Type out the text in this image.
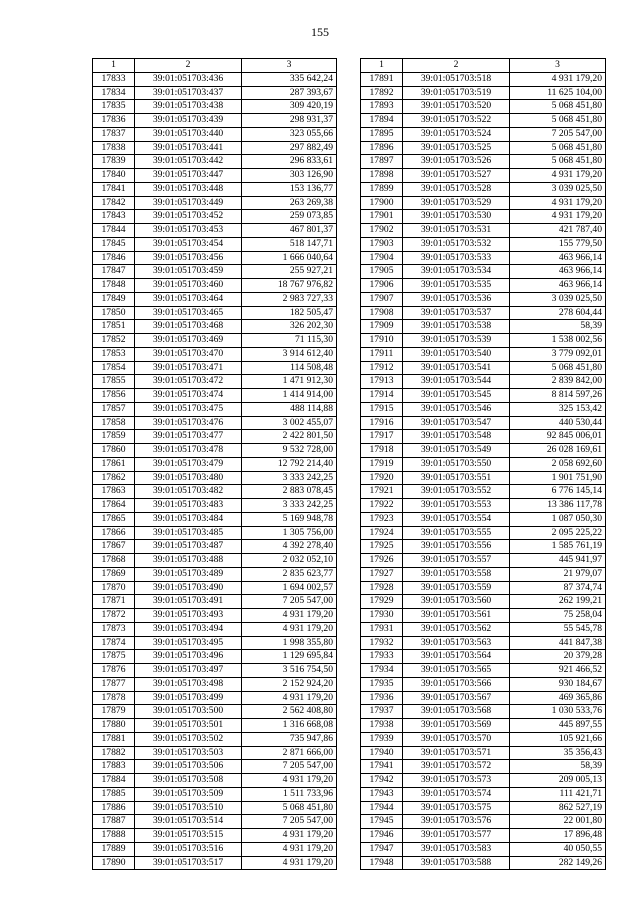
155
1	2	3
17833	39:01:051703:436	335 642,24
17834	39:01:051703:437	287 393,67
17835	39:01:051703:438	309 420,19
17836	39:01:051703:439	298 931,37
17837	39:01:051703:440	323 055,66
17838	39:01:051703:441	297 882,49
17839	39:01:051703:442	296 833,61
17840	39:01:051703:447	303 126,90
17841	39:01:051703:448	153 136,77
17842	39:01:051703:449	263 269,38
17843	39:01:051703:452	259 073,85
17844	39:01:051703:453	467 801,37
17845	39:01:051703:454	518 147,71
17846	39:01:051703:456	1 666 040,64
17847	39:01:051703:459	255 927,21
17848	39:01:051703:460	18 767 976,82
17849	39:01:051703:464	2 983 727,33
17850	39:01:051703:465	182 505,47
17851	39:01:051703:468	326 202,30
17852	39:01:051703:469	71 115,30
17853	39:01:051703:470	3 914 612,40
17854	39:01:051703:471	114 508,48
17855	39:01:051703:472	1 471 912,30
17856	39:01:051703:474	1 414 914,00
17857	39:01:051703:475	488 114,88
17858	39:01:051703:476	3 002 455,07
17859	39:01:051703:477	2 422 801,50
17860	39:01:051703:478	9 532 728,00
17861	39:01:051703:479	12 792 214,40
17862	39:01:051703:480	3 333 242,25
17863	39:01:051703:482	2 883 078,45
17864	39:01:051703:483	3 333 242,25
17865	39:01:051703:484	5 169 948,78
17866	39:01:051703:485	1 305 756,00
17867	39:01:051703:487	4 392 278,40
17868	39:01:051703:488	2 032 052,10
17869	39:01:051703:489	2 835 623,77
17870	39:01:051703:490	1 694 002,57
17871	39:01:051703:491	7 205 547,00
17872	39:01:051703:493	4 931 179,20
17873	39:01:051703:494	4 931 179,20
17874	39:01:051703:495	1 998 355,80
17875	39:01:051703:496	1 129 695,84
17876	39:01:051703:497	3 516 754,50
17877	39:01:051703:498	2 152 924,20
17878	39:01:051703:499	4 931 179,20
17879	39:01:051703:500	2 562 408,80
17880	39:01:051703:501	1 316 668,08
17881	39:01:051703:502	735 947,86
17882	39:01:051703:503	2 871 666,00
17883	39:01:051703:506	7 205 547,00
17884	39:01:051703:508	4 931 179,20
17885	39:01:051703:509	1 511 733,96
17886	39:01:051703:510	5 068 451,80
17887	39:01:051703:514	7 205 547,00
17888	39:01:051703:515	4 931 179,20
17889	39:01:051703:516	4 931 179,20
17890	39:01:051703:517	4 931 179,20
1	2	3
17891	39:01:051703:518	4 931 179,20
17892	39:01:051703:519	11 625 104,00
17893	39:01:051703:520	5 068 451,80
17894	39:01:051703:522	5 068 451,80
17895	39:01:051703:524	7 205 547,00
17896	39:01:051703:525	5 068 451,80
17897	39:01:051703:526	5 068 451,80
17898	39:01:051703:527	4 931 179,20
17899	39:01:051703:528	3 039 025,50
17900	39:01:051703:529	4 931 179,20
17901	39:01:051703:530	4 931 179,20
17902	39:01:051703:531	421 787,40
17903	39:01:051703:532	155 779,50
17904	39:01:051703:533	463 966,14
17905	39:01:051703:534	463 966,14
17906	39:01:051703:535	463 966,14
17907	39:01:051703:536	3 039 025,50
17908	39:01:051703:537	278 604,44
17909	39:01:051703:538	58,39
17910	39:01:051703:539	1 538 002,56
17911	39:01:051703:540	3 779 092,01
17912	39:01:051703:541	5 068 451,80
17913	39:01:051703:544	2 839 842,00
17914	39:01:051703:545	8 814 597,26
17915	39:01:051703:546	325 153,42
17916	39:01:051703:547	440 530,44
17917	39:01:051703:548	92 845 006,01
17918	39:01:051703:549	26 028 169,61
17919	39:01:051703:550	2 058 692,60
17920	39:01:051703:551	1 901 751,90
17921	39:01:051703:552	6 776 145,14
17922	39:01:051703:553	13 386 117,78
17923	39:01:051703:554	1 087 050,30
17924	39:01:051703:555	2 095 225,22
17925	39:01:051703:556	1 585 761,19
17926	39:01:051703:557	445 941,97
17927	39:01:051703:558	21 979,07
17928	39:01:051703:559	87 374,74
17929	39:01:051703:560	262 199,21
17930	39:01:051703:561	75 258,04
17931	39:01:051703:562	55 545,78
17932	39:01:051703:563	441 847,38
17933	39:01:051703:564	20 379,28
17934	39:01:051703:565	921 466,52
17935	39:01:051703:566	930 184,67
17936	39:01:051703:567	469 365,86
17937	39:01:051703:568	1 030 533,76
17938	39:01:051703:569	445 897,55
17939	39:01:051703:570	105 921,66
17940	39:01:051703:571	35 356,43
17941	39:01:051703:572	58,39
17942	39:01:051703:573	209 005,13
17943	39:01:051703:574	111 421,71
17944	39:01:051703:575	862 527,19
17945	39:01:051703:576	22 001,80
17946	39:01:051703:577	17 896,48
17947	39:01:051703:583	40 050,55
17948	39:01:051703:588	282 149,26
